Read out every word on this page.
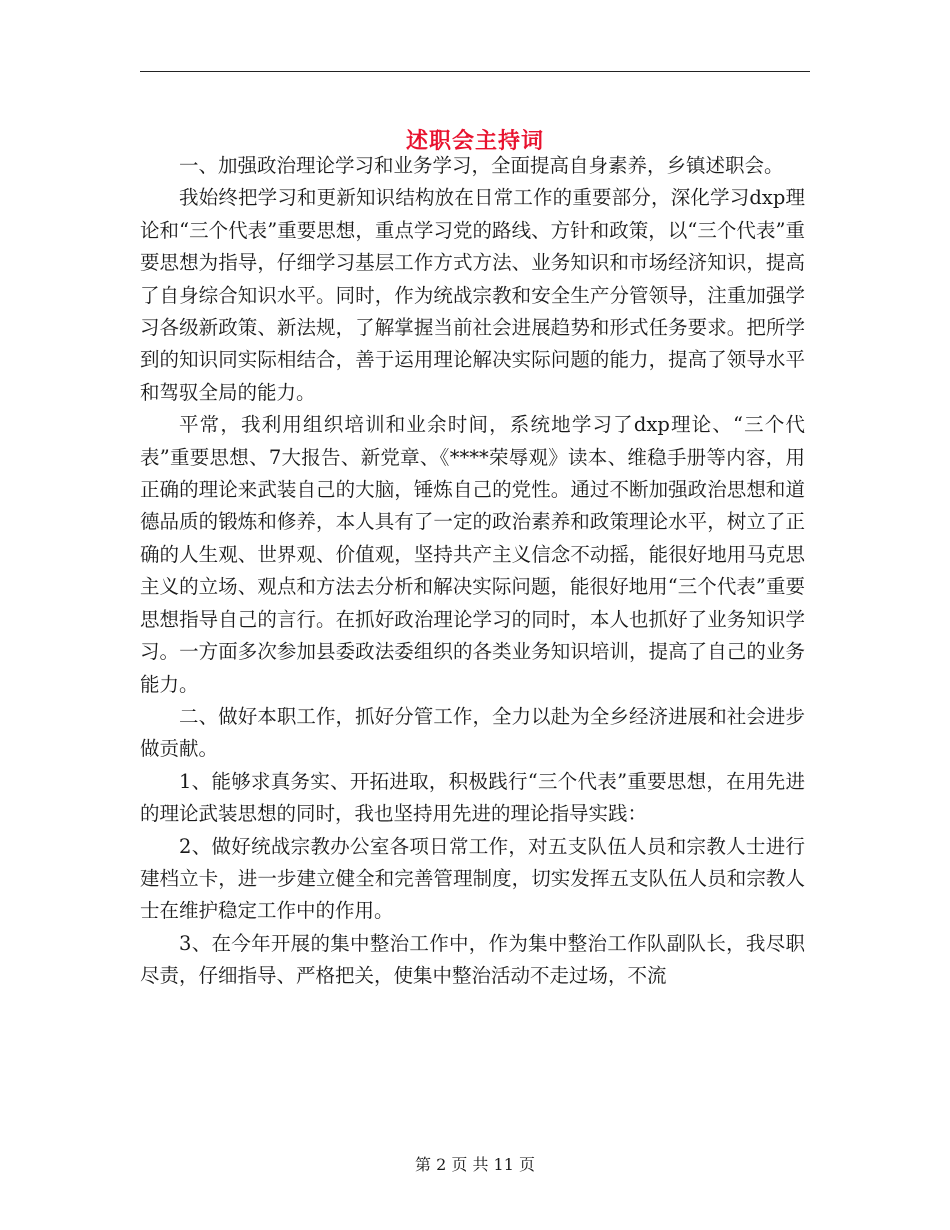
述职会主持词

一、加强政治理论学习和业务学习，全面提高自身素养，乡镇述职会。

我始终把学习和更新知识结构放在日常工作的重要部分，深化学习dxp理论和“三个代表”重要思想，重点学习党的路线、方针和政策，以“三个代表”重要思想为指导，仔细学习基层工作方式方法、业务知识和市场经济知识，提高了自身综合知识水平。同时，作为统战宗教和安全生产分管领导，注重加强学习各级新政策、新法规，了解掌握当前社会进展趋势和形式任务要求。把所学到的知识同实际相结合，善于运用理论解决实际问题的能力，提高了领导水平和驾驭全局的能力。

平常，我利用组织培训和业余时间，系统地学习了dxp理论、“三个代表”重要思想、7大报告、新党章、《****荣辱观》读本、维稳手册等内容，用正确的理论来武装自己的大脑，锤炼自己的党性。通过不断加强政治思想和道德品质的锻炼和修养，本人具有了一定的政治素养和政策理论水平，树立了正确的人生观、世界观、价值观，坚持共产主义信念不动摇，能很好地用马克思主义的立场、观点和方法去分析和解决实际问题，能很好地用“三个代表”重要思想指导自己的言行。在抓好政治理论学习的同时，本人也抓好了业务知识学习。一方面多次参加县委政法委组织的各类业务知识培训，提高了自己的业务能力。

二、做好本职工作，抓好分管工作，全力以赴为全乡经济进展和社会进步做贡献。

1、能够求真务实、开拓进取，积极践行“三个代表”重要思想，在用先进的理论武装思想的同时，我也坚持用先进的理论指导实践：

2、做好统战宗教办公室各项日常工作，对五支队伍人员和宗教人士进行建档立卡，进一步建立健全和完善管理制度，切实发挥五支队伍人员和宗教人士在维护稳定工作中的作用。

3、在今年开展的集中整治工作中，作为集中整治工作队副队长，我尽职尽责，仔细指导、严格把关，使集中整治活动不走过场，不流

第 2 页 共 11 页
